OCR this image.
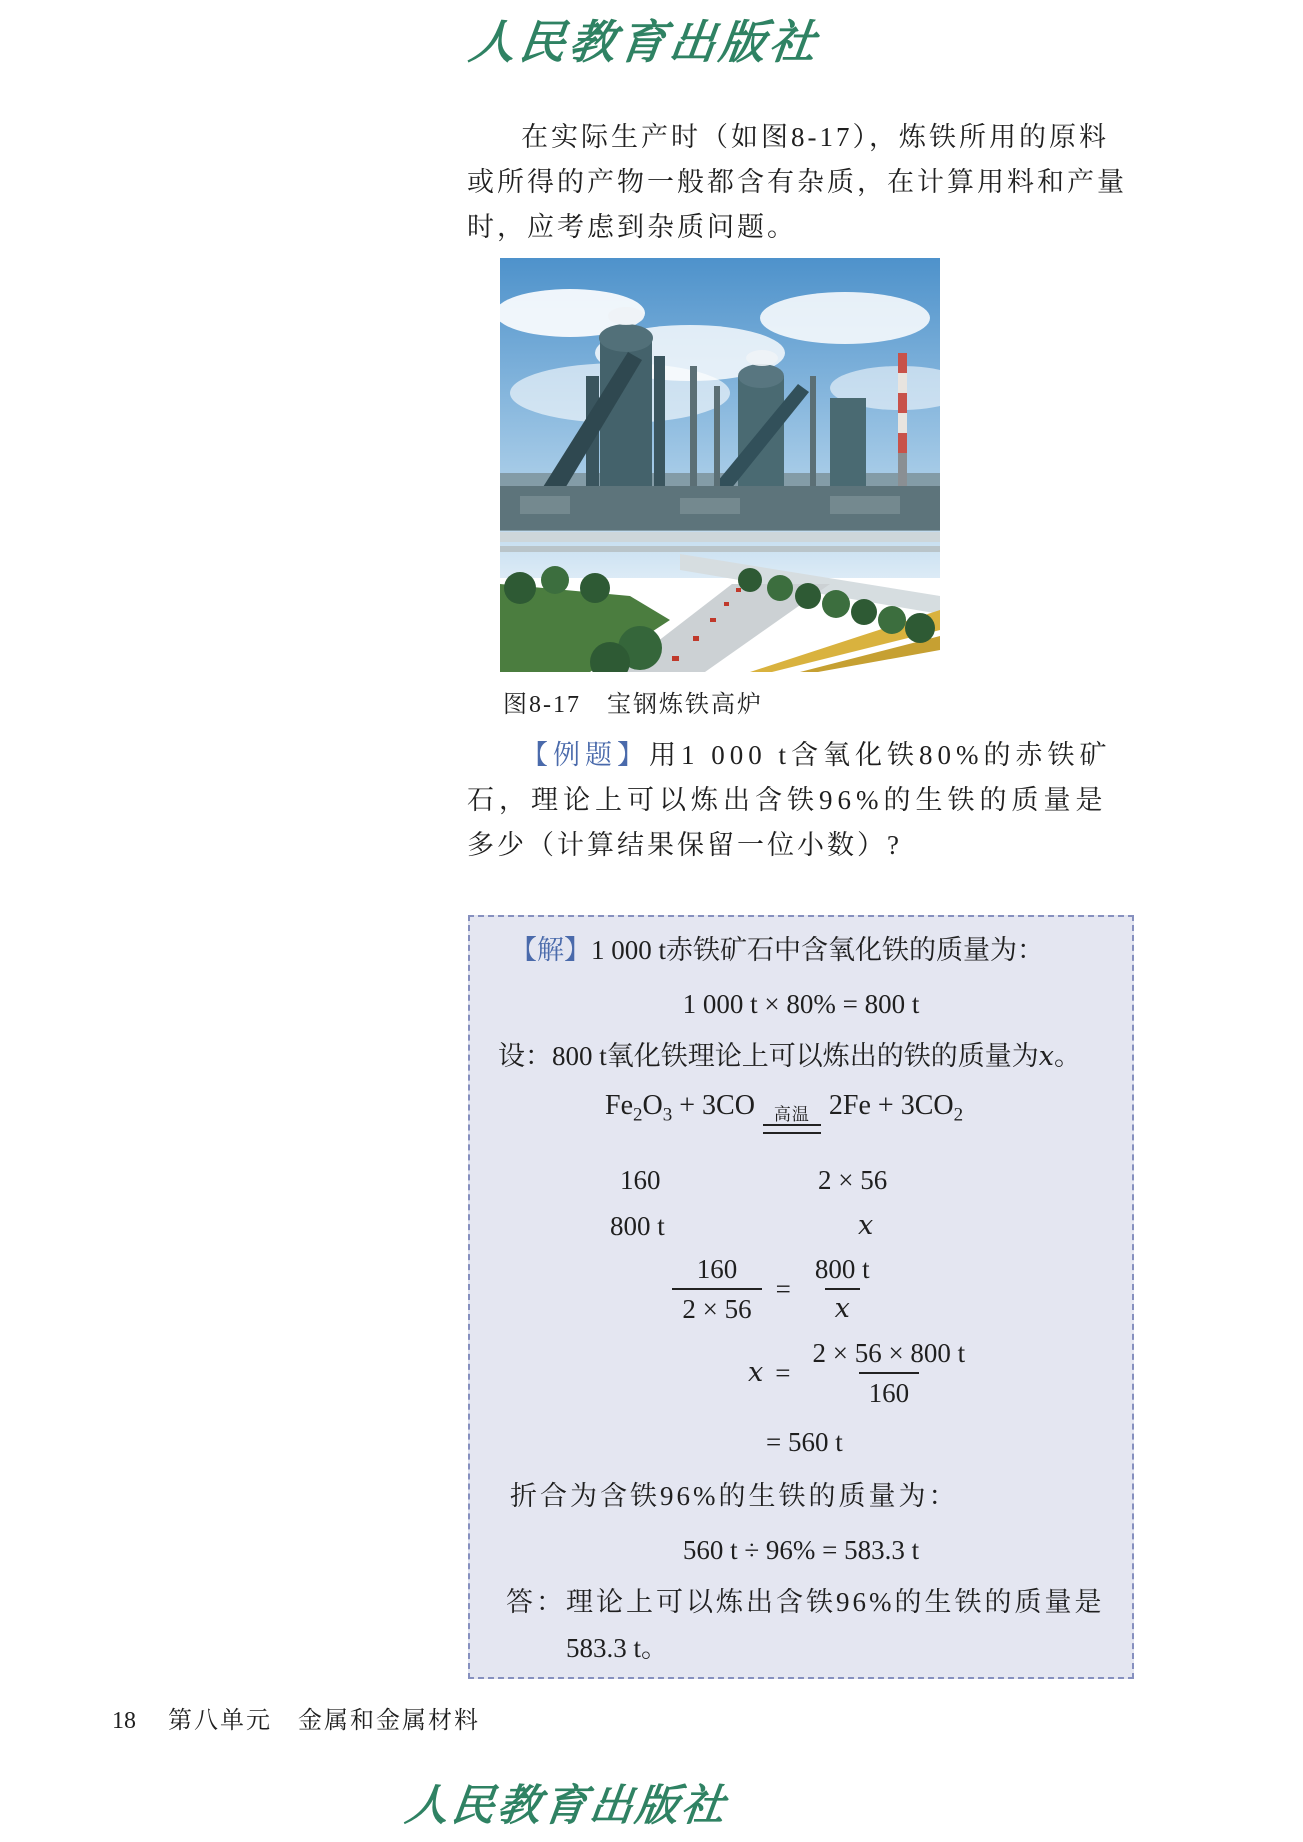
人民教育出版社
在实际生产时（如图8-17），炼铁所用的原料
或所得的产物一般都含有杂质，在计算用料和产量
时，应考虑到杂质问题。
图8-17　宝钢炼铁高炉
【例题】用1 000 t含氧化铁80%的赤铁矿
石，理论上可以炼出含铁96%的生铁的质量是
多少（计算结果保留一位小数）?
【解】1 000 t赤铁矿石中含氧化铁的质量为：
1 000 t × 80% = 800 t
设：800 t氧化铁理论上可以炼出的铁的质量为x。
$Fe_2O_3 + 3CO$ 高温 $2Fe + 3CO_2$
160	2 × 56
800 t	x
$\frac{160}{2 \times 56} = \frac{800 t}{x}$
$x = \frac{2 \times 56 \times 800 t}{160}$
= 560 t
折合为含铁96%的生铁的质量为：
560 t ÷ 96% = 583.3 t
答：理论上可以炼出含铁96%的生铁的质量是
583.3 t。
18 第八单元 金属和金属材料
人民教育出版社
